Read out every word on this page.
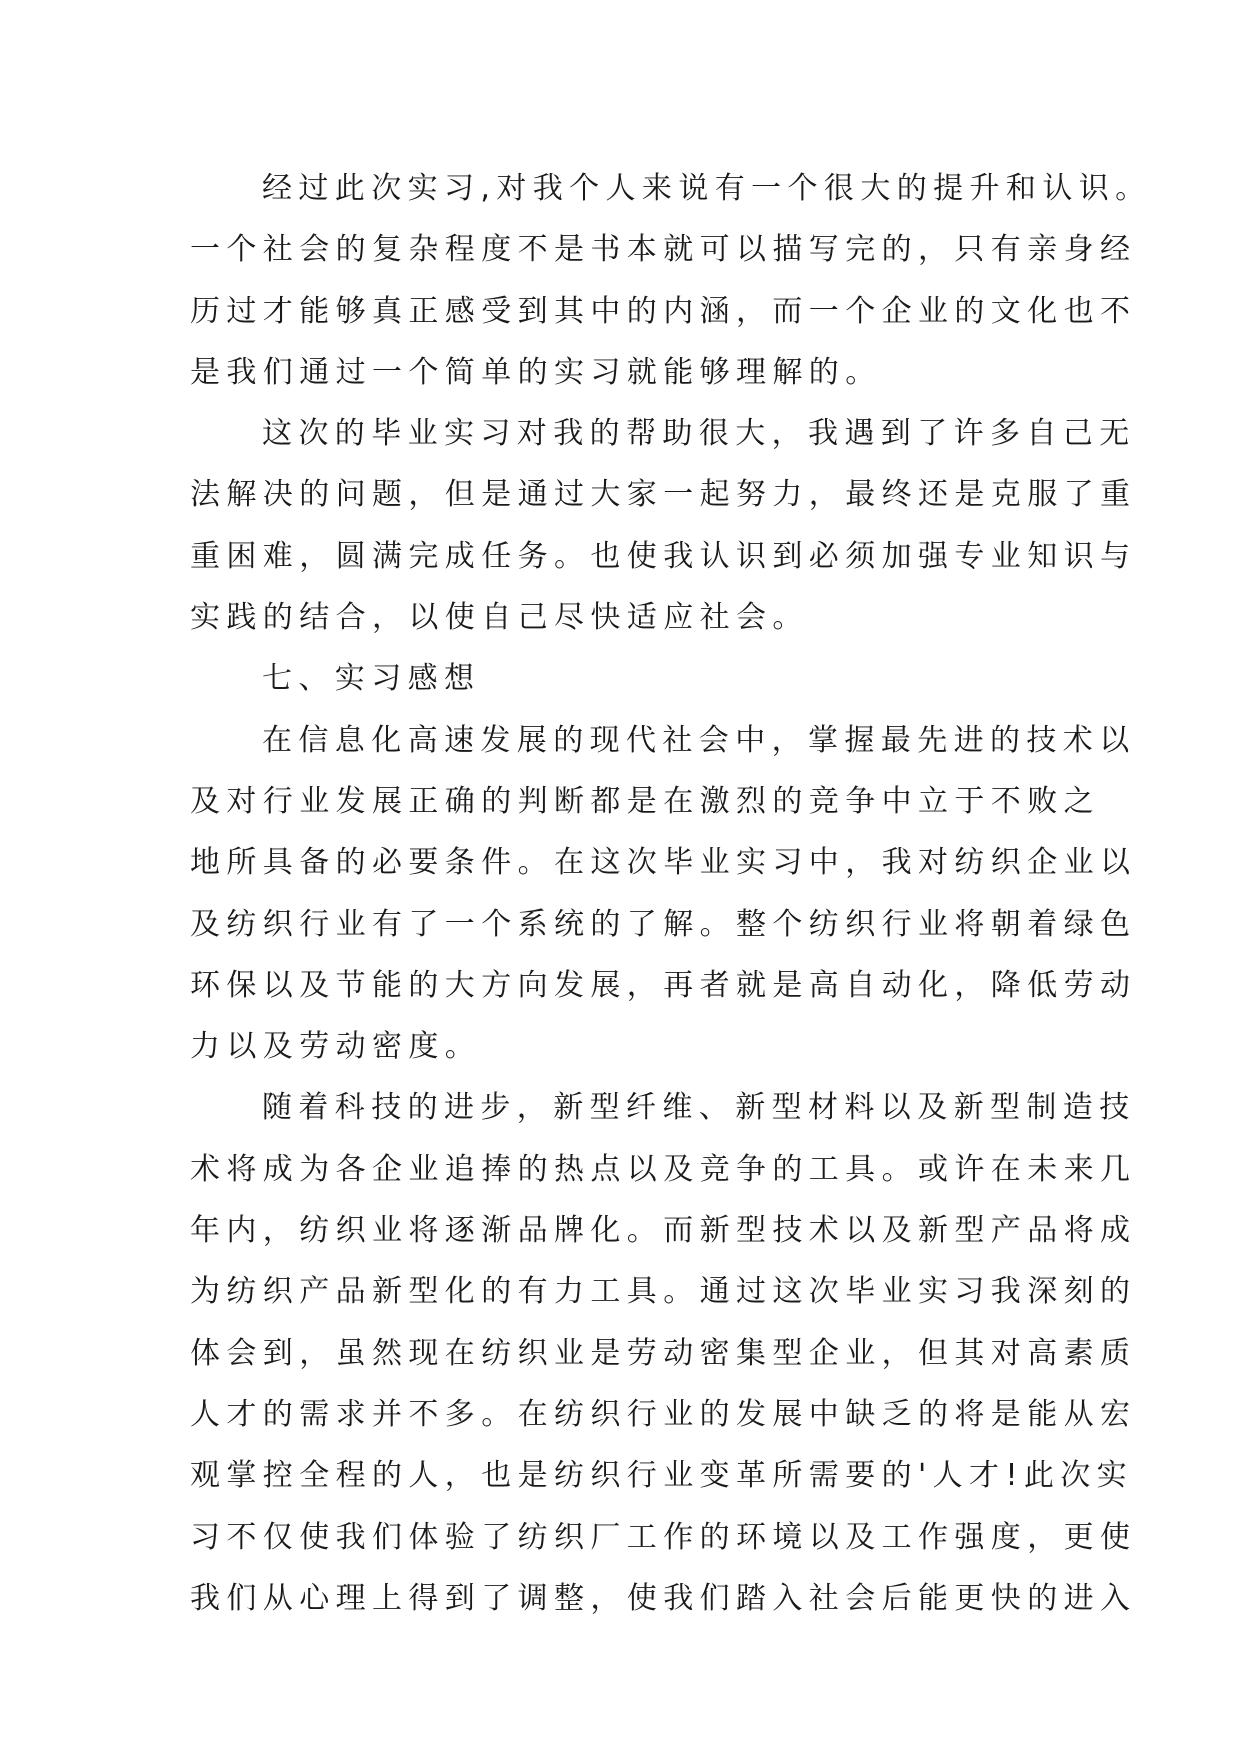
经过此次实习,对我个人来说有一个很大的提升和认识。
一个社会的复杂程度不是书本就可以描写完的，只有亲身经
历过才能够真正感受到其中的内涵，而一个企业的文化也不
是我们通过一个简单的实习就能够理解的。
这次的毕业实习对我的帮助很大，我遇到了许多自己无
法解决的问题，但是通过大家一起努力，最终还是克服了重
重困难，圆满完成任务。也使我认识到必须加强专业知识与
实践的结合，以使自己尽快适应社会。
七、实习感想
在信息化高速发展的现代社会中，掌握最先进的技术以
及对行业发展正确的判断都是在激烈的竞争中立于不败之
地所具备的必要条件。在这次毕业实习中，我对纺织企业以
及纺织行业有了一个系统的了解。整个纺织行业将朝着绿色
环保以及节能的大方向发展，再者就是高自动化，降低劳动
力以及劳动密度。
随着科技的进步，新型纤维、新型材料以及新型制造技
术将成为各企业追捧的热点以及竞争的工具。或许在未来几
年内，纺织业将逐渐品牌化。而新型技术以及新型产品将成
为纺织产品新型化的有力工具。通过这次毕业实习我深刻的
体会到，虽然现在纺织业是劳动密集型企业，但其对高素质
人才的需求并不多。在纺织行业的发展中缺乏的将是能从宏
观掌控全程的人，也是纺织行业变革所需要的'人才!此次实
习不仅使我们体验了纺织厂工作的环境以及工作强度，更使
我们从心理上得到了调整，使我们踏入社会后能更快的进入
